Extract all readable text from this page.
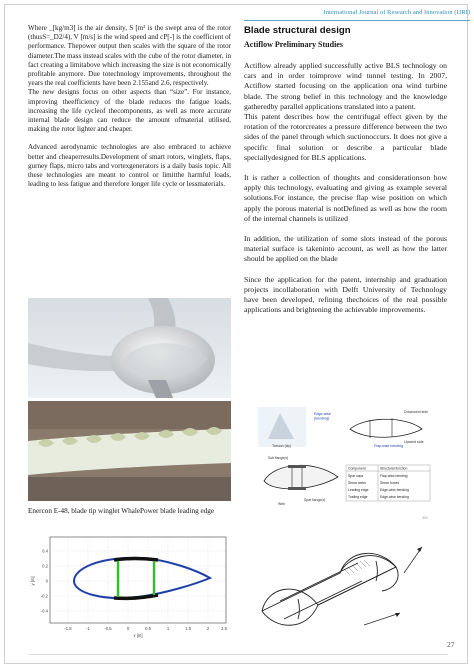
International Journal of Research and Innovation (IJRI)

Where _[kg/m3] is the air density, S [m² is the swept area of the rotor (thusS=_D2/4), V [m/s] is the wind speed and cP[-] is the coefficient of performance. Thepower output then scales with the square of the rotor diameter.The mass instead scales with the cube of the rotor diameter, in fact creating a limitabove which increasing the size is not economically profitable anymore. Due totechnology improvements, throughout the years the real coefficients have been 2.155and 2.6, respectively.

The new designs focus on other aspects than “size”. For instance, improving theefficiency of the blade reduces the fatigue loads, increasing the life cycleof thecomponents, as well as more accurate internal blade design can reduce the amount ofmaterial utilised, making the rotor lighter and cheaper.

Advanced aerodynamic technologies are also embraced to achieve better and cheaperresults.Development of smart rotors, winglets, flaps, gurney flaps, micro tabs and vortexgenerators is a daily basis topic. All these technologies are meant to control or limitthe harmful loads, leading to less fatigue and therefore longer life cycle or lessmaterials.

Enercon E-48, blade tip winglet WhalePower blade leading edge
-1.5	-1	-0.5	0	0.5	1	1.5	2	2.5
x [m]
0.4
0.2
0
-0.2
-0.4
y [m]
Blade structural design
Actiflow Preliminary Studies

Actiflow already applied successfully active BLS technology on cars and in order toimprove wind tunnel testing. In 2007, Actiflow started focusing on the application ona wind turbine blade. The strong belief in this technology and the knowledge gatheredby parallel applications translated into a patent.

This patent describes how the centrifugal effect given by the rotation of the rotorcreates a pressure difference between the two sides of the panel through which suctionoccurs. It does not give a specific final solution or describe a particular blade speciallydesigned for BLS applications.

It is rather a collection of thoughts and considerationson how apply this technology, evaluating and giving as example several solutions.For instance, the precise flap wise position on which apply the porous material is notDefined as well as how the room of the internal channels is utilized

In addition, the utilization of some slots instead of the porous material surface is takeninto account, as well as how the latter should be applied on the blade

Since the application for the patent, internship and graduation projects incollaboration with Delft University of Technology have been developed, refining thechoices of the real possible applications and brightening the achievable improvements.

Torsion (tip)
Edge-wise
(bending)
Downwind side
Flap-wise bending
Upwind side
Sub flange(s)
Spar flange(s)
Web
Component	Structural function
Spar caps	Flap-wise bending
Shear webs	Shear forces
Leading edge	Edge-wise bending
Trailing edge	Edge-wise bending
3M
27
